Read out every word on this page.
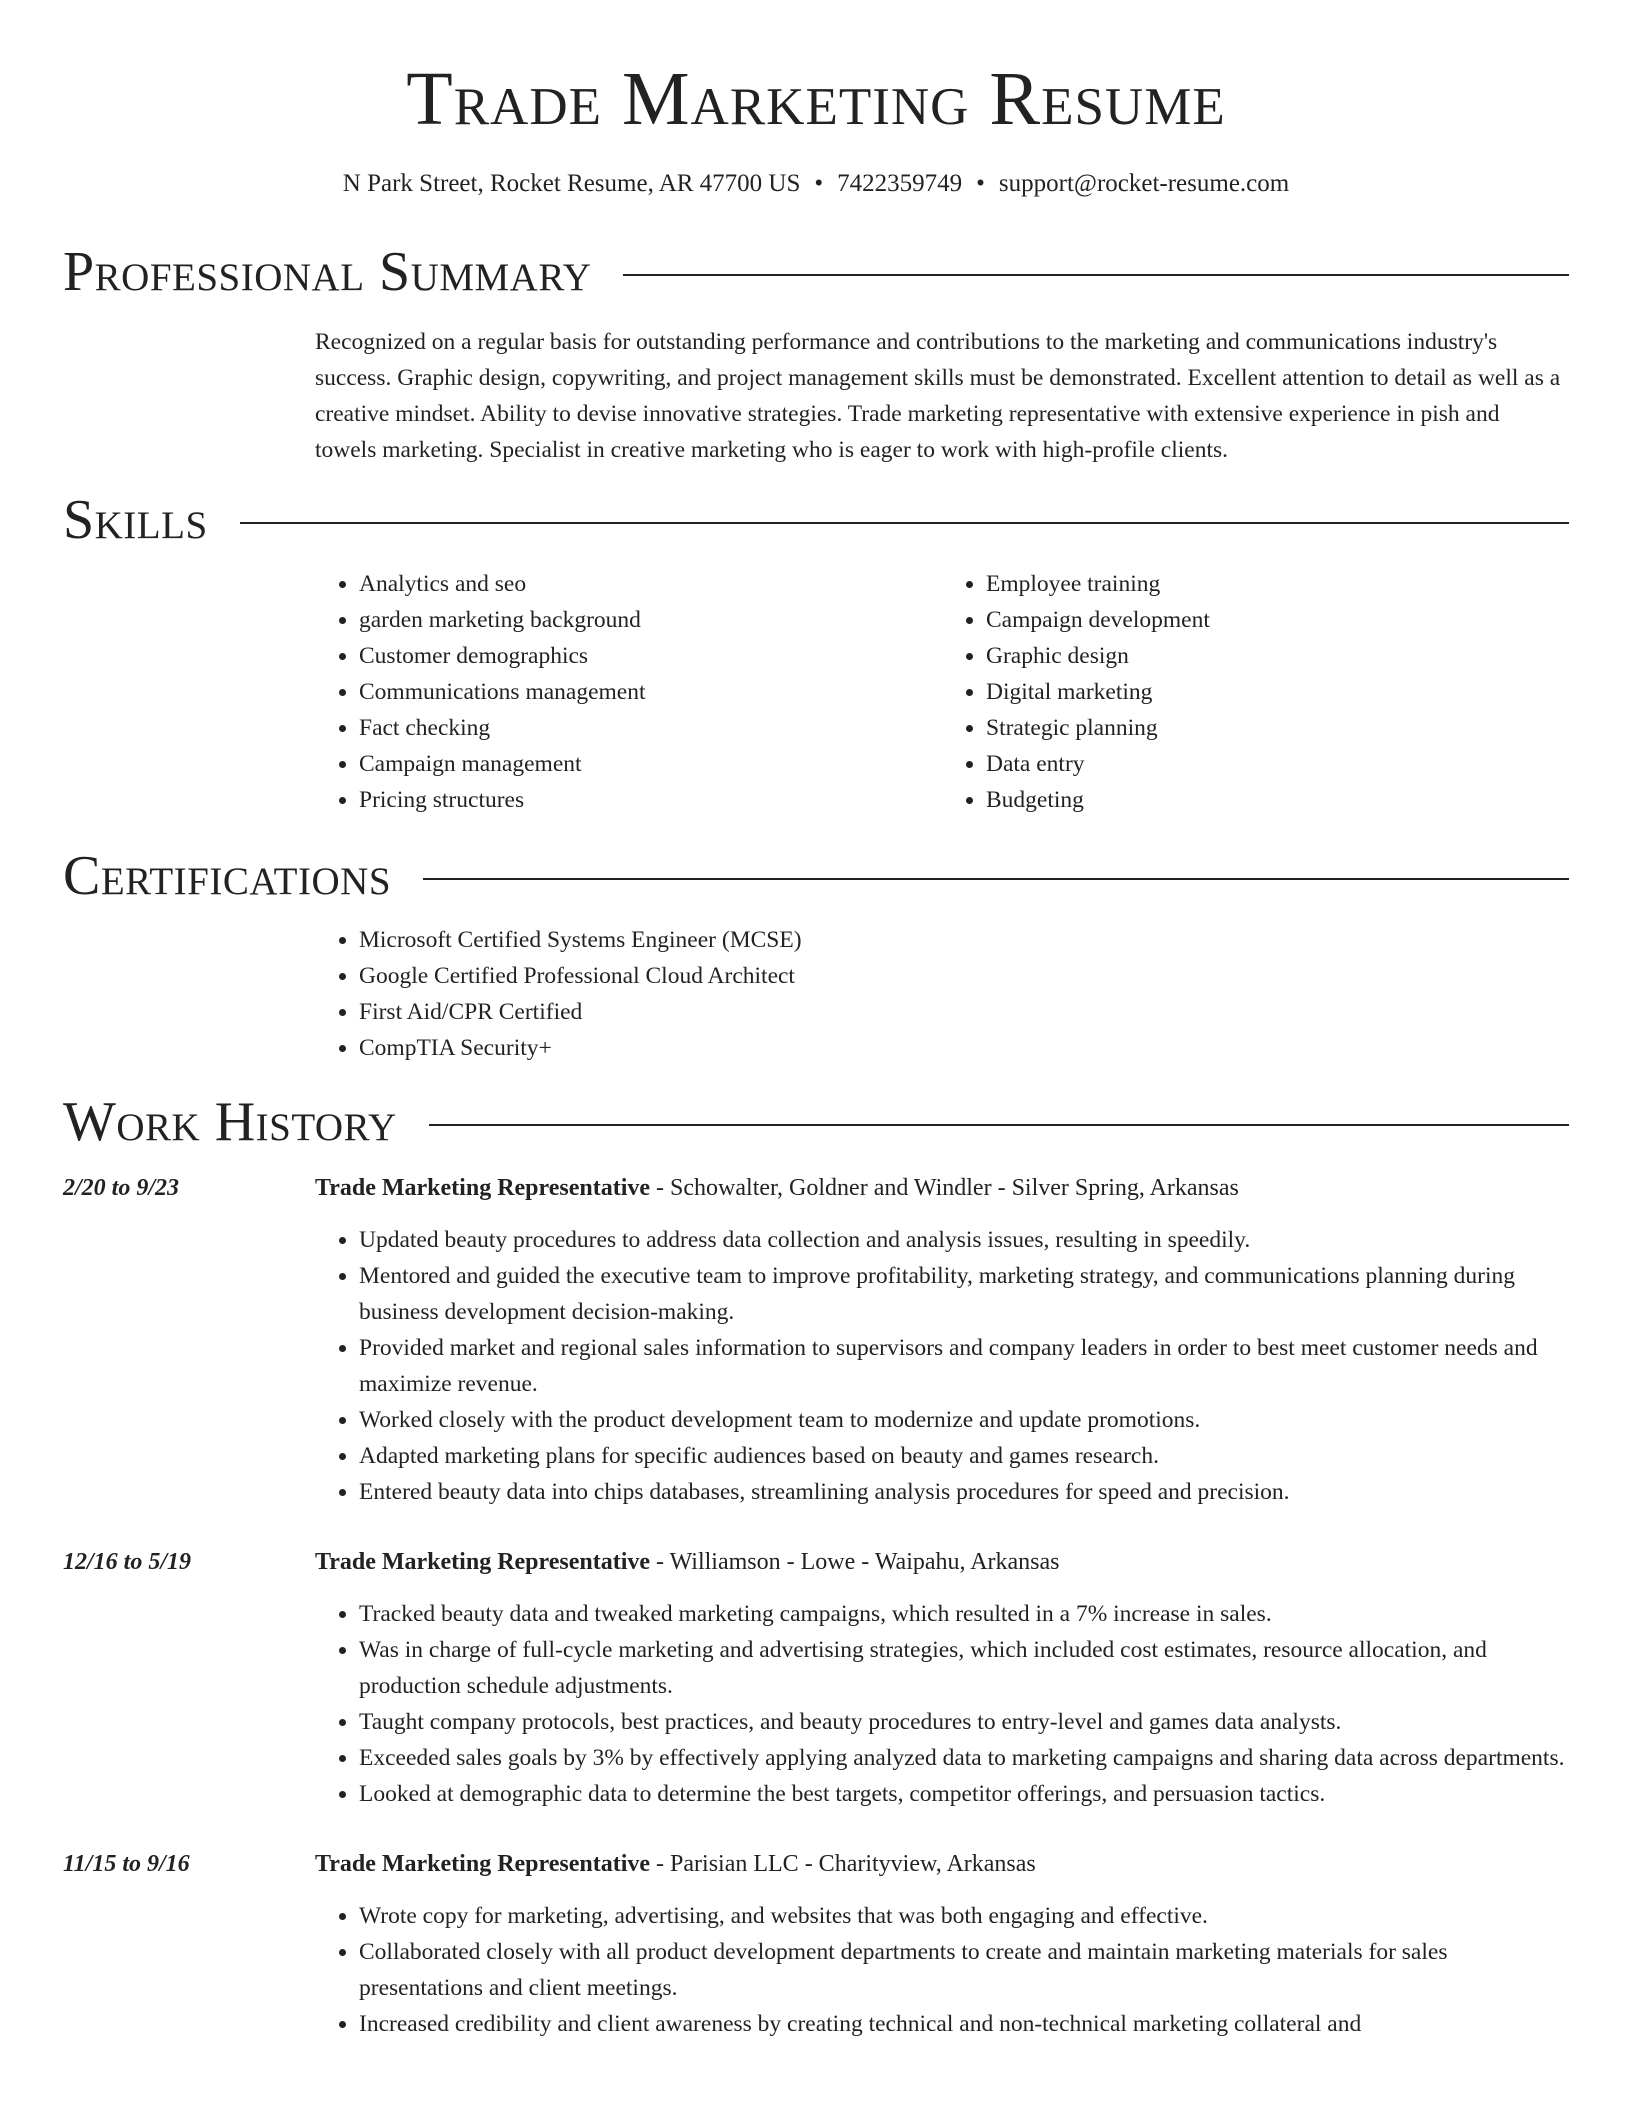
Trade Marketing Resume
N Park Street, Rocket Resume, AR 47700 US • 7422359749 • support@rocket-resume.com
Professional Summary

Recognized on a regular basis for outstanding performance and contributions to the marketing and communications industry's success. Graphic design, copywriting, and project management skills must be demonstrated. Excellent attention to detail as well as a creative mindset. Ability to devise innovative strategies. Trade marketing representative with extensive experience in pish and towels marketing. Specialist in creative marketing who is eager to work with high-profile clients.

Skills
• Analytics and seo
• garden marketing background
• Customer demographics
• Communications management
• Fact checking
• Campaign management
• Pricing structures
• Employee training
• Campaign development
• Graphic design
• Digital marketing
• Strategic planning
• Data entry
• Budgeting
Certifications
• Microsoft Certified Systems Engineer (MCSE)
• Google Certified Professional Cloud Architect
• First Aid/CPR Certified
• CompTIA Security+
Work History
2/20 to 9/23	Trade Marketing Representative - Schowalter, Goldner and Windler - Silver Spring, Arkansas
• Updated beauty procedures to address data collection and analysis issues, resulting in speedily.
• Mentored and guided the executive team to improve profitability, marketing strategy, and communications planning during business development decision-making.
• Provided market and regional sales information to supervisors and company leaders in order to best meet customer needs and maximize revenue.
• Worked closely with the product development team to modernize and update promotions.
• Adapted marketing plans for specific audiences based on beauty and games research.
• Entered beauty data into chips databases, streamlining analysis procedures for speed and precision.
12/16 to 5/19	Trade Marketing Representative - Williamson - Lowe - Waipahu, Arkansas
• Tracked beauty data and tweaked marketing campaigns, which resulted in a 7% increase in sales.
• Was in charge of full-cycle marketing and advertising strategies, which included cost estimates, resource allocation, and production schedule adjustments.
• Taught company protocols, best practices, and beauty procedures to entry-level and games data analysts.
• Exceeded sales goals by 3% by effectively applying analyzed data to marketing campaigns and sharing data across departments.
• Looked at demographic data to determine the best targets, competitor offerings, and persuasion tactics.
11/15 to 9/16	Trade Marketing Representative - Parisian LLC - Charityview, Arkansas
• Wrote copy for marketing, advertising, and websites that was both engaging and effective.
• Collaborated closely with all product development departments to create and maintain marketing materials for sales presentations and client meetings.
• Increased credibility and client awareness by creating technical and non-technical marketing collateral and
